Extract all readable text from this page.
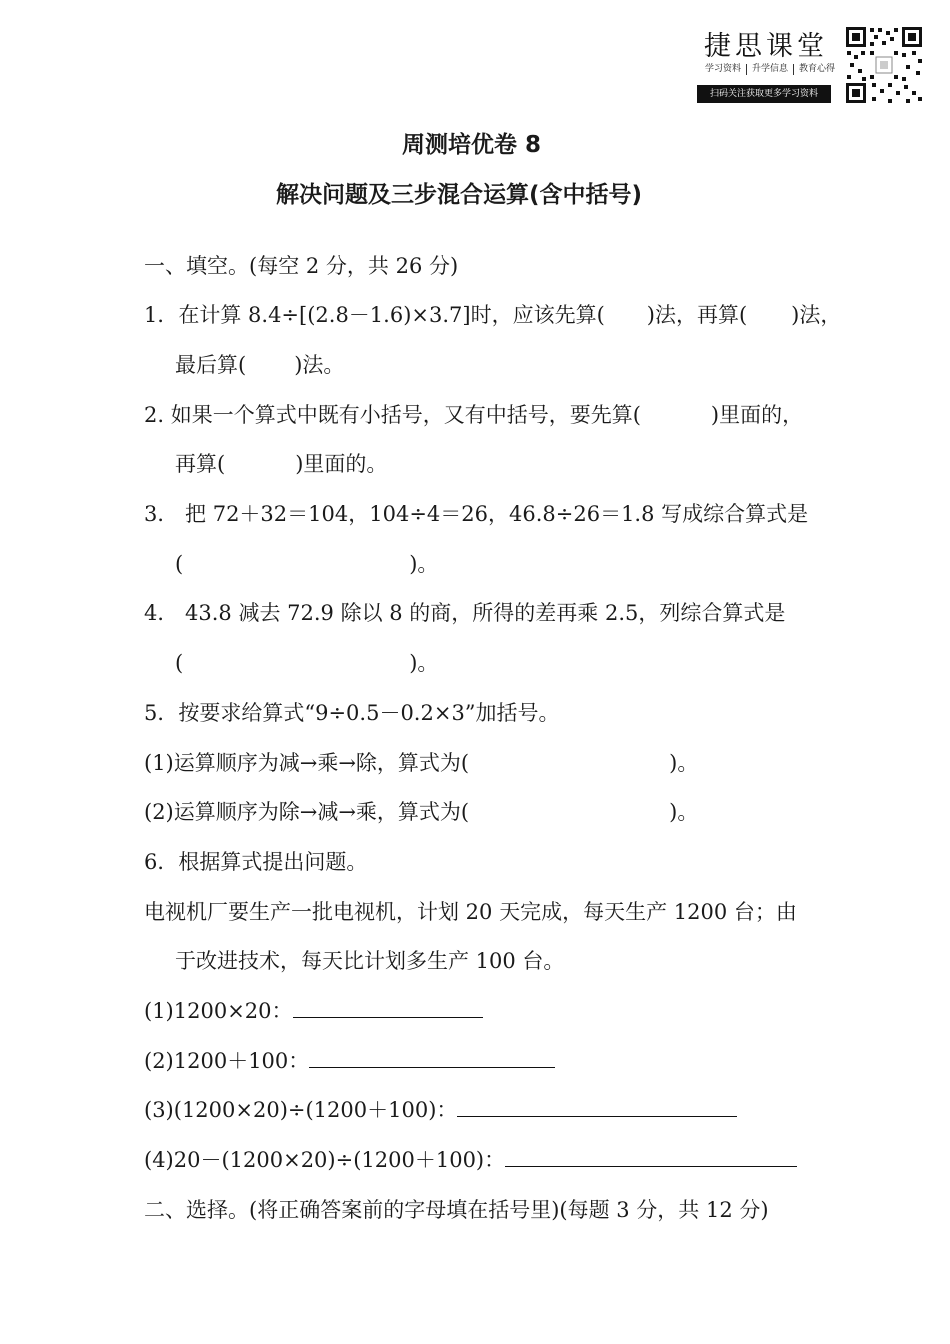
捷思课堂
学习资料	升学信息	教育心得
扫码关注获取更多学习资料
周测培优卷 8
解决问题及三步混合运算(含中括号)
一、填空。(每空 2 分，共 26 分)
1．在计算 8.4÷[(2.8－1.6)×3.7]时，应该先算( )法，再算( )法，
最后算( )法。
2. 如果一个算式中既有小括号，又有中括号，要先算(	)里面的，
再算(	)里面的。
3． 把 72＋32＝104，104÷4＝26，46.8÷26＝1.8 写成综合算式是
(	)。
4． 43.8 减去 72.9 除以 8 的商，所得的差再乘 2.5，列综合算式是
(	)。
5．按要求给算式“9÷0.5－0.2×3”加括号。
(1)运算顺序为减→乘→除，算式为(	)。
(2)运算顺序为除→减→乘，算式为(	)。
6．根据算式提出问题。
电视机厂要生产一批电视机，计划 20 天完成，每天生产 1200 台；由
于改进技术，每天比计划多生产 100 台。
(1)1200×20：
(2)1200＋100：
(3)(1200×20)÷(1200＋100)：
(4)20－(1200×20)÷(1200＋100)：
二、选择。(将正确答案前的字母填在括号里)(每题 3 分，共 12 分)
